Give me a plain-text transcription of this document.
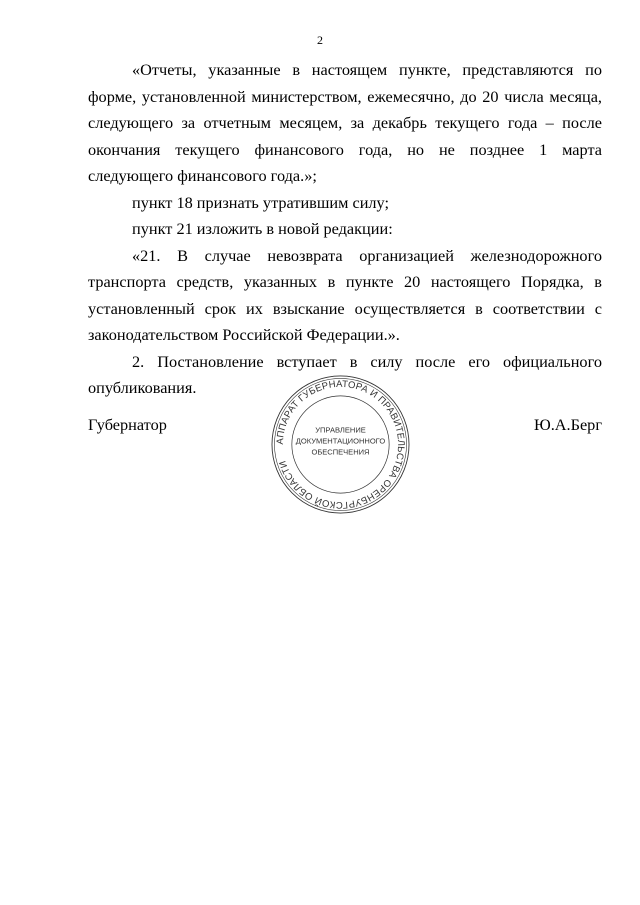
2

«Отчеты, указанные в настоящем пункте, представляются по форме, установленной министерством, ежемесячно, до 20 числа месяца, следующего за отчетным месяцем, за декабрь текущего года – после окончания текущего финансового года, но не позднее 1 марта следующего финансового года.»;

пункт 18 признать утратившим силу;

пункт 21 изложить в новой редакции:

«21. В случае невозврата организацией железнодорожного транспорта средств, указанных в пункте 20 настоящего Порядка, в установленный срок их взыскание осуществляется в соответствии с законодательством Российской Федерации.».

2. Постановление вступает в силу после его официального опубликования.

Губернатор	Ю.А.Берг
АППАРАТ ГУБЕРНАТОРА И ПРАВИТЕЛЬСТВА ОРЕНБУРГСКОЙ ОБЛАСТИ
УПРАВЛЕНИЕ
ДОКУМЕНТАЦИОННОГО
ОБЕСПЕЧЕНИЯ
